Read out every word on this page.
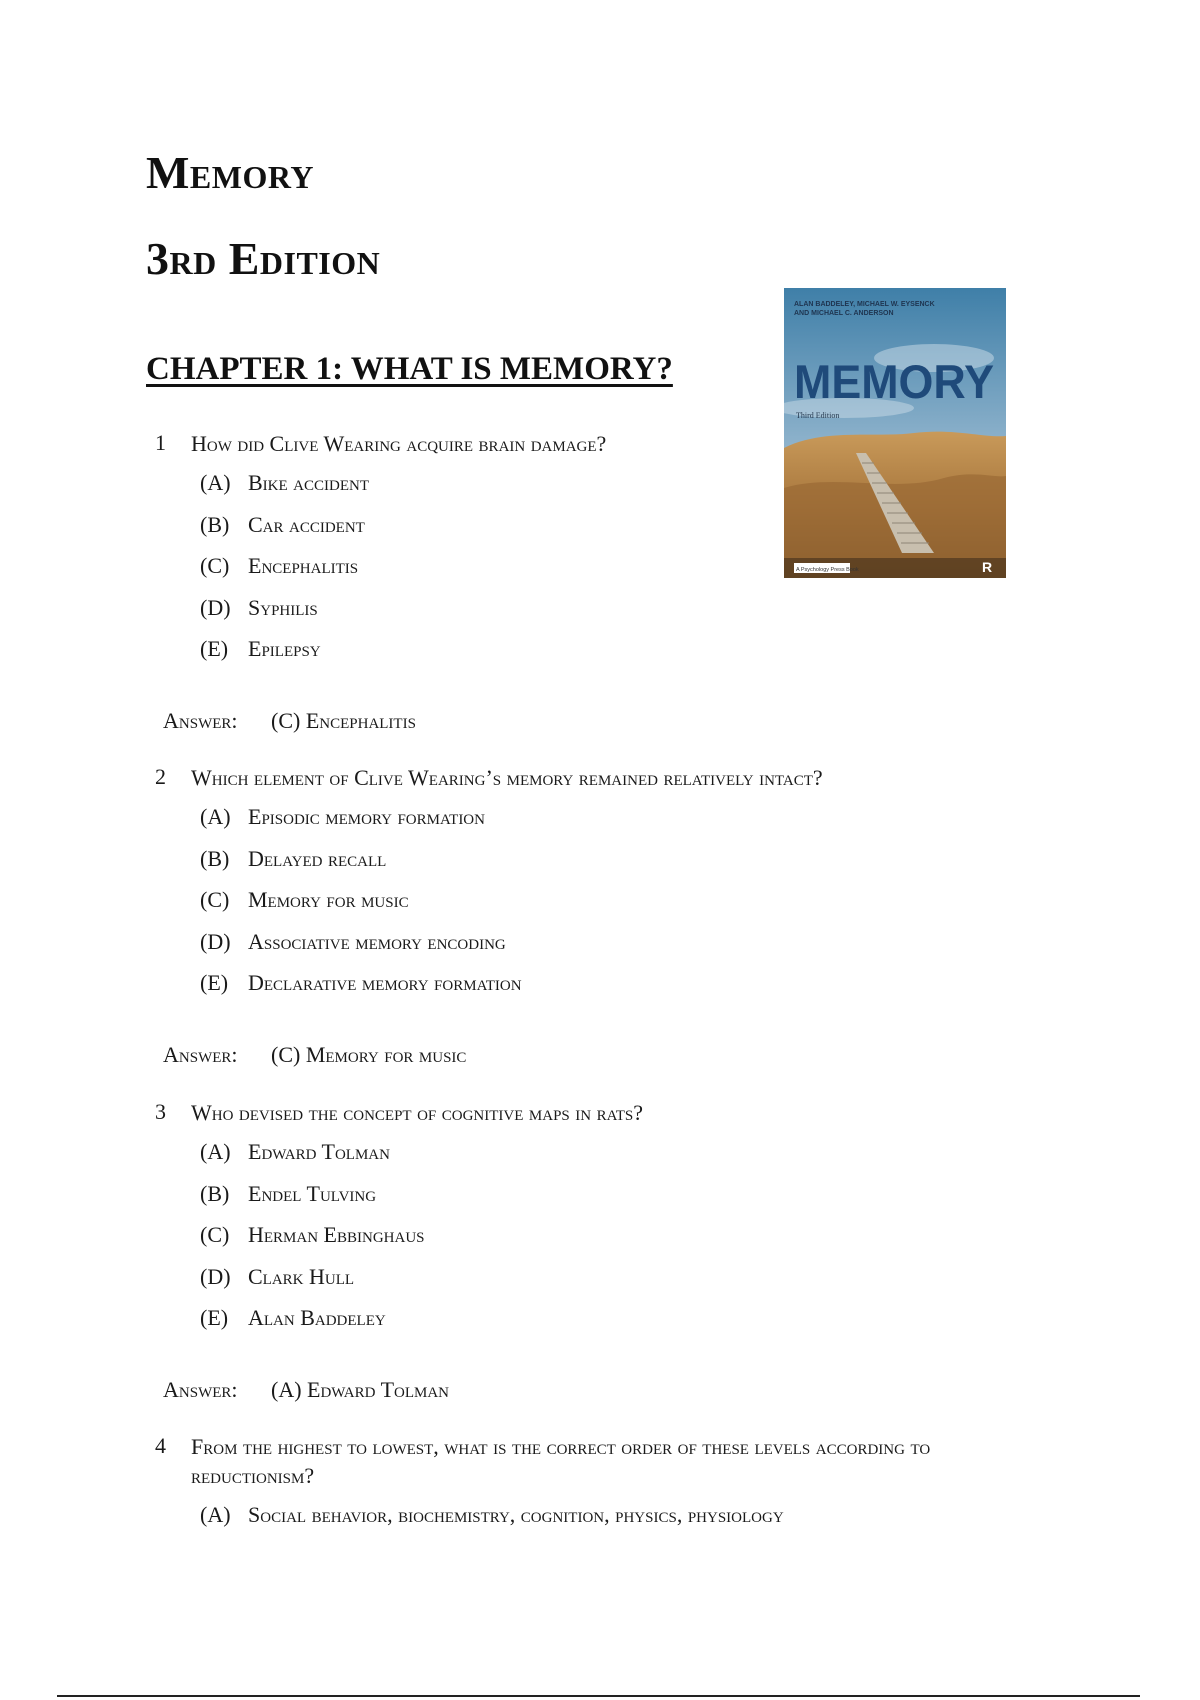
Memory
3rd Edition
CHAPTER 1: WHAT IS MEMORY?
A Psychology Press Book	R
ALAN BADDELEY, MICHAEL W. EYSENCK
AND MICHAEL C. ANDERSON
MEMORY
Third Edition
1	How did Clive Wearing acquire brain damage?
(A) Bike accident
(B) Car accident
(C) Encephalitis
(D) Syphilis
(E) Epilepsy
Answer:	(C) Encephalitis
2	Which element of Clive Wearing’s memory remained relatively intact?
(A) Episodic memory formation
(B) Delayed recall
(C) Memory for music
(D) Associative memory encoding
(E) Declarative memory formation
Answer:	(C) Memory for music
3	Who devised the concept of cognitive maps in rats?
(A) Edward Tolman
(B) Endel Tulving
(C) Herman Ebbinghaus
(D) Clark Hull
(E) Alan Baddeley
Answer:	(A) Edward Tolman
4	From the highest to lowest, what is the correct order of these levels according to reductionism?
(A) Social behavior, biochemistry, cognition, physics, physiology
